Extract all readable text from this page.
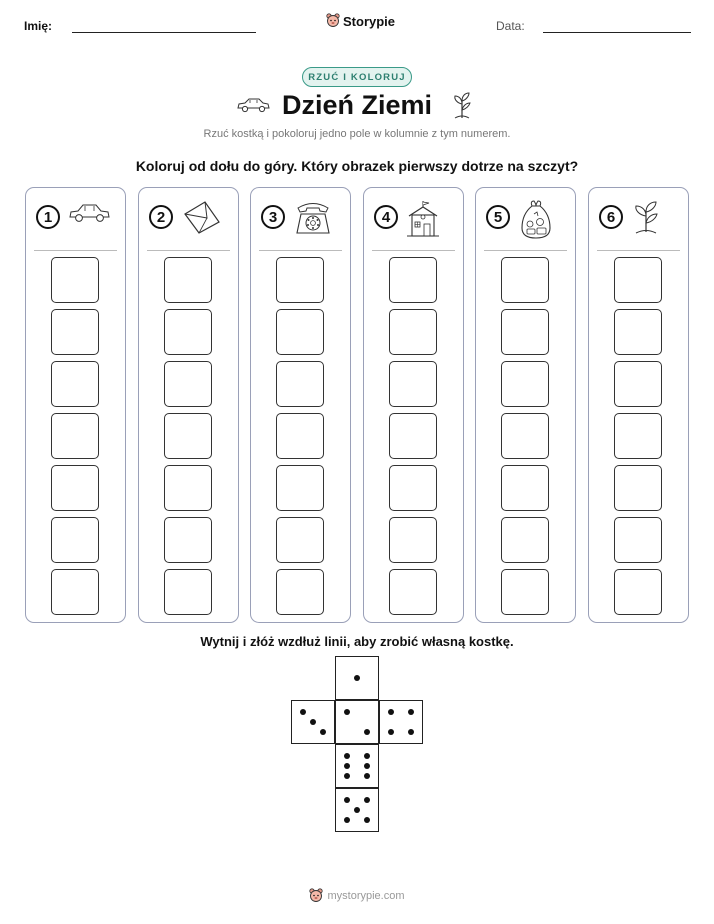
Imię:	Storypie	Data:
RZUĆ I KOLORUJ
Dzień Ziemi
Rzuć kostką i pokoloruj jedno pole w kolumnie z tym numerem.
Koloruj od dołu do góry. Który obrazek pierwszy dotrze na szczyt?
1	2	3	4	5	6
Wytnij i złóż wzdłuż linii, aby zrobić własną kostkę.
mystorypie.com
